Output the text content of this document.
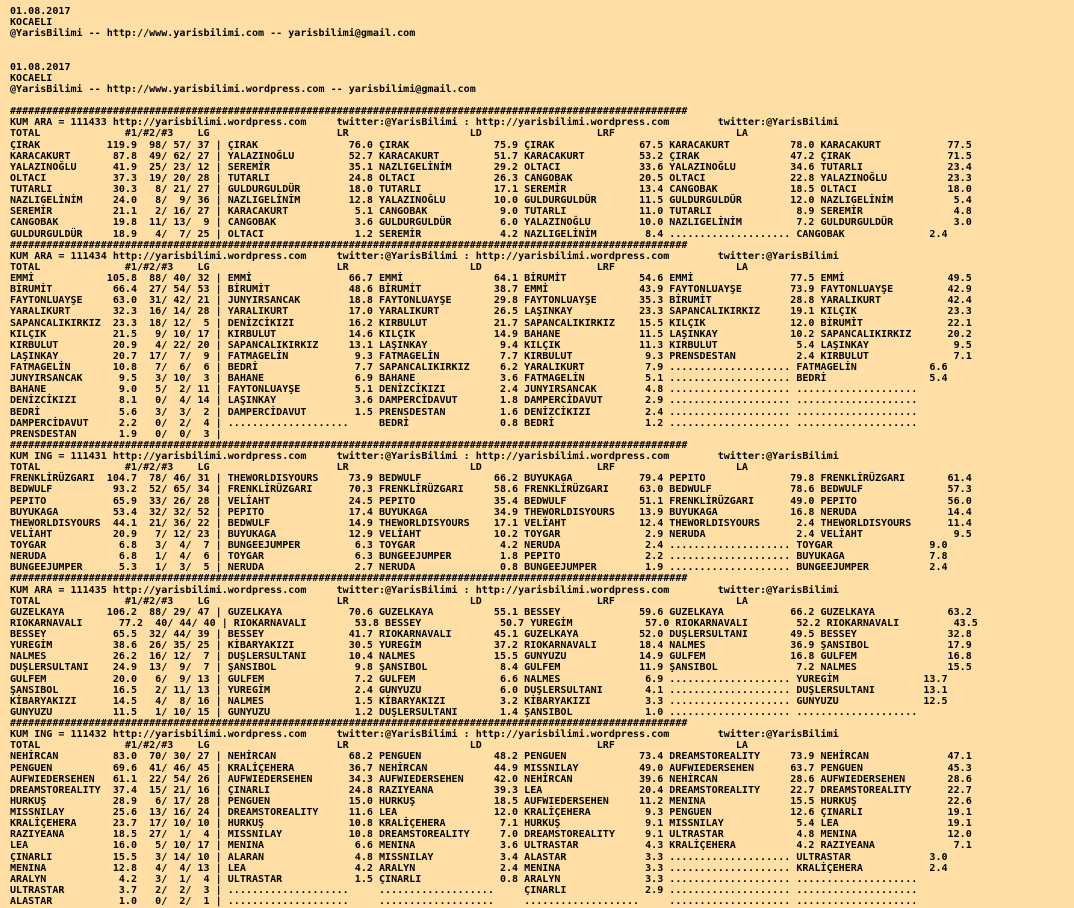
01.08.2017
KOCAELI
@YarisBilimi -- http://www.yarisbilimi.com -- yarisbilimi@gmail.com

01.08.2017
KOCAELI
@YarisBilimi -- http://www.yarisbilimi.wordpress.com -- yarisbilimi@gmail.com

################################################################################################################
KUM ARA = 111433 http://yarisbilimi.wordpress.com     twitter:@YarisBilimi : http://yarisbilimi.wordpress.com        twitter:@YarisBilimi
TOTAL              #1/#2/#3    LG                     LR                    LD                   LRF                    LA
ÇIRAK           119.9  98/ 57/ 37 | ÇIRAK               76.0 ÇIRAK              75.9 ÇIRAK              67.5 KARACAKURT          78.0 KARACAKURT           77.5
KARACAKURT       87.8  49/ 62/ 27 | YALAZINOĞLU         52.7 KARACAKURT         51.7 KARACAKURT         53.2 ÇIRAK               47.2 ÇIRAK                71.5
YALAZINOĞLU      41.9  25/ 23/ 12 | SEREMİR             35.1 NAZLIGELİNİM       29.2 OLTACI             33.6 YALAZINOĞLU         34.6 TUTARLI              23.4
OLTACI           37.3  19/ 20/ 28 | TUTARLI             24.8 OLTACI             26.3 CANGOBAK           20.5 OLTACI              22.8 YALAZINOĞLU          23.3
TUTARLI          30.3   8/ 21/ 27 | GULDURGULDÜR        18.0 TUTARLI            17.1 SEREMİR            13.4 CANGOBAK            18.5 OLTACI               18.0
NAZLIGELİNİM     24.0   8/  9/ 36 | NAZLIGELİNİM        12.8 YALAZINOĞLU        10.0 GULDURGULDÜR       11.5 GULDURGULDÜR        12.0 NAZLIGELİNİM          5.4
SEREMİR          21.1   2/ 16/ 27 | KARACAKURT           5.1 CANGOBAK            9.0 TUTARLI            11.0 TUTARLI              8.9 SEREMİR               4.8
CANGOBAK         19.8  11/ 13/  9 | CANGOBAK             3.6 GULDURGULDÜR        6.0 YALAZINOĞLU        10.0 NAZLIGELİNİM         7.2 GULDURGULDÜR          3.0
GULDURGULDÜR     18.9   4/  7/ 25 | OLTACI               1.2 SEREMİR             4.2 NAZLIGELİNİM        8.4 .................... CANGOBAK              2.4
################################################################################################################
KUM ARA = 111434 http://yarisbilimi.wordpress.com     twitter:@YarisBilimi : http://yarisbilimi.wordpress.com        twitter:@YarisBilimi
TOTAL              #1/#2/#3    LG                     LR                    LD                   LRF                    LA
EMMİ            105.8  88/ 40/ 32 | EMMİ                66.7 EMMİ               64.1 BİRUMİT            54.6 EMMİ                77.5 EMMİ                 49.5
BİRUMİT          66.4  27/ 54/ 53 | BİRUMİT             48.6 BİRUMİT            38.7 EMMİ               43.9 FAYTONLUAYŞE        73.9 FAYTONLUAYŞE         42.9
FAYTONLUAYŞE     63.0  31/ 42/ 21 | JUNYIRSANCAK        18.8 FAYTONLUAYŞE       29.8 FAYTONLUAYŞE       35.3 BİRUMİT             28.8 YARALIKURT           42.4
YARALIKURT       32.3  16/ 14/ 28 | YARALIKURT          17.0 YARALIKURT         26.5 LAŞINKAY           23.3 SAPANCALIKIRKIZ     19.1 KILÇIK               23.3
SAPANCALIKIRKIZ  23.3  18/ 12/  5 | DENİZCİKIZI         16.2 KIRBULUT           21.7 SAPANCALIKIRKIZ    15.5 KILÇIK              12.0 BİRUMİT              22.1
KILÇIK           21.5   9/ 10/ 17 | KIRBULUT            14.6 KILÇIK             14.9 BAHANE             11.5 LAŞINKAY            10.2 SAPANCALIKIRKIZ      20.2
KIRBULUT         20.9   4/ 22/ 20 | SAPANCALIKIRKIZ     13.1 LAŞINKAY            9.4 KILÇIK             11.3 KIRBULUT             5.4 LAŞINKAY              9.5
LAŞINKAY         20.7  17/  7/  9 | FATMAGELİN           9.3 FATMAGELİN          7.7 KIRBULUT            9.3 PRENSDESTAN          2.4 KIRBULUT              7.1
FATMAGELİN       10.8   7/  6/  6 | BEDRİ                7.7 SAPANCALIKIRKIZ     6.2 YARALIKURT          7.9 .................... FATMAGELİN            6.6
JUNYIRSANCAK      9.5   3/ 10/  3 | BAHANE               6.9 BAHANE              3.6 FATMAGELİN          5.1 .................... BEDRİ                 5.4
BAHANE            9.0   5/  2/ 11 | FAYTONLUAYŞE         5.1 DENİZCİKIZI         2.4 JUNYIRSANCAK        4.8 .................... ....................
DENİZCİKIZI       8.1   0/  4/ 14 | LAŞINKAY             3.6 DAMPERCİDAVUT       1.8 DAMPERCİDAVUT       2.9 .................... ....................
BEDRİ             5.6   3/  3/  2 | DAMPERCİDAVUT        1.5 PRENSDESTAN         1.6 DENİZCİKIZI         2.4 .................... ....................
DAMPERCİDAVUT     2.2   0/  2/  4 | ....................     BEDRİ               0.8 BEDRİ               1.2 .................... ....................
PRENSDESTAN       1.9   0/  0/  3 |
################################################################################################################
KUM ING = 111431 http://yarisbilimi.wordpress.com     twitter:@YarisBilimi : http://yarisbilimi.wordpress.com        twitter:@YarisBilimi
TOTAL              #1/#2/#3    LG                     LR                    LD                   LRF                    LA
FRENKLİRÜZGARI  104.7  78/ 46/ 31 | THEWORLDISYOURS     73.9 BEDWULF            66.2 BUYUKAGA           79.4 PEPITO              79.8 FRENKLİRÜZGARI       61.4
BEDWULF          93.2  52/ 65/ 34 | FRENKLİRÜZGARI      70.3 FRENKLİRÜZGARI     58.6 FRENKLİRÜZGARI     63.0 BEDWULF             78.6 BEDWULF              57.3
PEPITO           65.9  33/ 26/ 28 | VELİAHT             24.5 PEPITO             35.4 BEDWULF            51.1 FRENKLİRÜZGARI      49.0 PEPITO               56.0
BUYUKAGA         53.4  32/ 32/ 52 | PEPITO              17.4 BUYUKAGA           34.9 THEWORLDISYOURS    13.9 BUYUKAGA            16.8 NERUDA               14.4
THEWORLDISYOURS  44.1  21/ 36/ 22 | BEDWULF             14.9 THEWORLDISYOURS    17.1 VELİAHT            12.4 THEWORLDISYOURS      2.4 THEWORLDISYOURS      11.4
VELİAHT          20.9   7/ 12/ 23 | BUYUKAGA            12.9 VELİAHT            10.2 TOYGAR              2.9 NERUDA               2.4 VELİAHT               9.5
TOYGAR            6.8   3/  4/  7 | BUNGEEJUMPER         6.3 TOYGAR              4.2 NERUDA              2.4 .................... TOYGAR                9.0
NERUDA            6.8   1/  4/  6 | TOYGAR               6.3 BUNGEEJUMPER        1.8 PEPITO              2.2 .................... BUYUKAGA              7.8
BUNGEEJUMPER      5.3   1/  3/  5 | NERUDA               2.7 NERUDA              0.8 BUNGEEJUMPER        1.9 .................... BUNGEEJUMPER          2.4
################################################################################################################
KUM ARA = 111435 http://yarisbilimi.wordpress.com     twitter:@YarisBilimi : http://yarisbilimi.wordpress.com        twitter:@YarisBilimi
TOTAL              #1/#2/#3    LG                     LR                    LD                   LRF                    LA
GUZELKAYA       106.2  88/ 29/ 47 | GUZELKAYA           70.6 GUZELKAYA          55.1 BESSEY             59.6 GUZELKAYA           66.2 GUZELKAYA            63.2
RIOKARNAVALI      77.2  40/ 44/ 40 | RIOKARNAVALI        53.8 BESSEY             50.7 YUREGİM            57.0 RIOKARNAVALI        52.2 RIOKARNAVALI         43.5
BESSEY           65.5  32/ 44/ 39 | BESSEY              41.7 RIOKARNAVALI       45.1 GUZELKAYA          52.0 DUŞLERSULTANI       49.5 BESSEY               32.8
YUREGİM          38.6  26/ 35/ 25 | KİBARYAKIZI         30.5 YUREGİM            37.2 RIOKARNAVALI       18.4 NALMES              36.9 ŞANSIBOL             17.9
NALMES           26.2  16/ 12/  7 | DUŞLERSULTANI       10.4 NALMES             15.5 GUNYUZU            14.9 GULFEM              16.8 GULFEM               16.8
DUŞLERSULTANI    24.9  13/  9/  7 | ŞANSIBOL             9.8 ŞANSIBOL            8.4 GULFEM             11.9 ŞANSIBOL             7.2 NALMES               15.5
GULFEM           20.0   6/  9/ 13 | GULFEM               7.2 GULFEM              6.6 NALMES              6.9 .................... YUREGİM              13.7
ŞANSIBOL         16.5   2/ 11/ 13 | YUREGİM              2.4 GUNYUZU             6.0 DUŞLERSULTANI       4.1 .................... DUŞLERSULTANI        13.1
KİBARYAKIZI      14.5   4/  8/ 16 | NALMES               1.5 KİBARYAKIZI         3.2 KİBARYAKIZI         3.3 .................... GUNYUZU              12.5
GUNYUZU          11.5   1/ 10/ 15 | GUNYUZU              1.2 DUŞLERSULTANI       1.4 ŞANSIBOL            1.0 .................... ....................
################################################################################################################
KUM ING = 111432 http://yarisbilimi.wordpress.com     twitter:@YarisBilimi : http://yarisbilimi.wordpress.com        twitter:@YarisBilimi
TOTAL              #1/#2/#3    LG                     LR                    LD                   LRF                    LA
NEHİRCAN         83.0  70/ 30/ 27 | NEHİRCAN            68.2 PENGUEN            48.2 PENGUEN            73.4 DREAMSTOREALITY     73.9 NEHİRCAN             47.1
PENGUEN          69.6  41/ 46/ 45 | KRALİÇEHERA         36.7 NEHİRCAN           44.9 MISSNILAY          49.0 AUFWIEDERSEHEN      63.7 PENGUEN              45.3
AUFWIEDERSEHEN   61.1  22/ 54/ 26 | AUFWIEDERSEHEN      34.3 AUFWIEDERSEHEN     42.0 NEHİRCAN           39.6 NEHİRCAN            28.6 AUFWIEDERSEHEN       28.6
DREAMSTOREALITY  37.4  15/ 21/ 16 | ÇINARLI             24.8 RAZIYEANA          39.3 LEA                20.4 DREAMSTOREALITY     22.7 DREAMSTOREALITY      22.7
HURKUŞ           28.9   6/ 17/ 28 | PENGUEN             15.0 HURKUŞ             18.5 AUFWIEDERSEHEN     11.2 MENINA              15.5 HURKUŞ               22.6
MISSNILAY        25.6  13/ 16/ 24 | DREAMSTOREALITY     11.6 LEA                12.0 KRALİÇEHERA         9.3 PENGUEN             12.6 ÇINARLI              19.1
KRALİÇEHERA      23.7  17/ 10/ 10 | HURKUŞ              10.8 KRALİÇEHERA         7.1 HURKUŞ              9.1 MISSNILAY            5.4 LEA                  19.1
RAZIYEANA        18.5  27/  1/  4 | MISSNILAY           10.8 DREAMSTOREALITY     7.0 DREAMSTOREALITY     9.1 ULTRASTAR            4.8 MENINA               12.0
LEA              16.0   5/ 10/ 17 | MENINA               6.6 MENINA              3.6 ULTRASTAR           4.3 KRALİÇEHERA          4.2 RAZIYEANA             7.1
ÇINARLI          15.5   3/ 14/ 10 | ALARAN               4.8 MISSNILAY           3.4 ALASTAR             3.3 .................... ULTRASTAR             3.0
MENINA           12.8   4/  4/ 13 | LEA                  4.2 ARALYN              2.4 MENINA              3.3 .................... KRALİÇEHERA           2.4
ARALYN            4.2   3/  1/  4 | ULTRASTAR            1.5 ÇINARLI             0.8 ARALYN              3.3 .................... ....................
ULTRASTAR         3.7   2/  2/  3 | ....................     ...................     ÇINARLI             2.9 .................... ....................
ALASTAR           1.0   0/  2/  1 | ....................     ...................     ...................     .................... ....................
